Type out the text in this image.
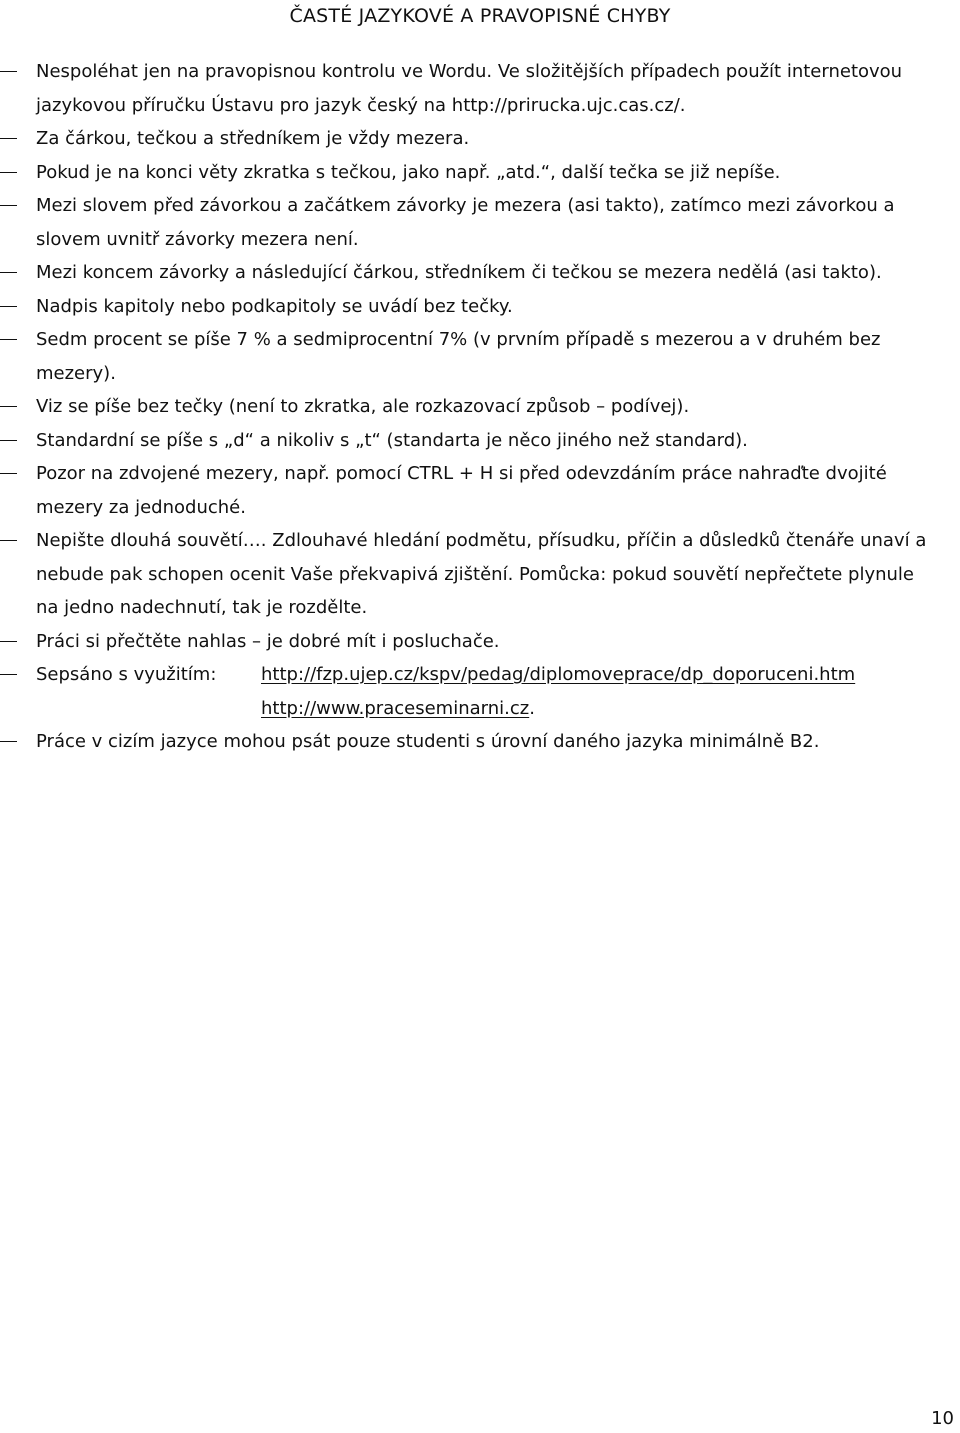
ČASTÉ JAZYKOVÉ A PRAVOPISNÉ CHYBY
Nespoléhat jen na pravopisnou kontrolu ve Wordu. Ve složitějších případech použít internetovou jazykovou příručku Ústavu pro jazyk český na http://prirucka.ujc.cas.cz/.
Za čárkou, tečkou a středníkem je vždy mezera.
Pokud je na konci věty zkratka s tečkou, jako např. „atd.“, další tečka se již nepíše.
Mezi slovem před závorkou a začátkem závorky je mezera (asi takto), zatímco mezi závorkou a slovem uvnitř závorky mezera není.
Mezi koncem závorky a následující čárkou, středníkem či tečkou se mezera nedělá (asi takto).
Nadpis kapitoly nebo podkapitoly se uvádí bez tečky.
Sedm procent se píše 7 % a sedmiprocentní 7% (v prvním případě s mezerou a v druhém bez mezery).
Viz se píše bez tečky (není to zkratka, ale rozkazovací způsob – podívej).
Standardní se píše s „d“ a nikoliv s „t“ (standarta je něco jiného než standard).
Pozor na zdvojené mezery, např. pomocí CTRL + H si před odevzdáním práce nahraďte dvojité mezery za jednoduché.
Nepište dlouhá souvětí…. Zdlouhavé hledání podmětu, přísudku, příčin a důsledků čtenáře unaví a nebude pak schopen ocenit Vaše překvapivá zjištění. Pomůcka: pokud souvětí nepřečtete plynule na jedno nadechnutí, tak je rozdělte.
Práci si přečtěte nahlas – je dobré mít i posluchače.
Sepsáno s využitím:	http://fzp.ujep.cz/kspv/pedag/diplomoveprace/dp_doporuceni.htm
http://www.praceseminarni.cz.
Práce v cizím jazyce mohou psát pouze studenti s úrovní daného jazyka minimálně B2.
10
